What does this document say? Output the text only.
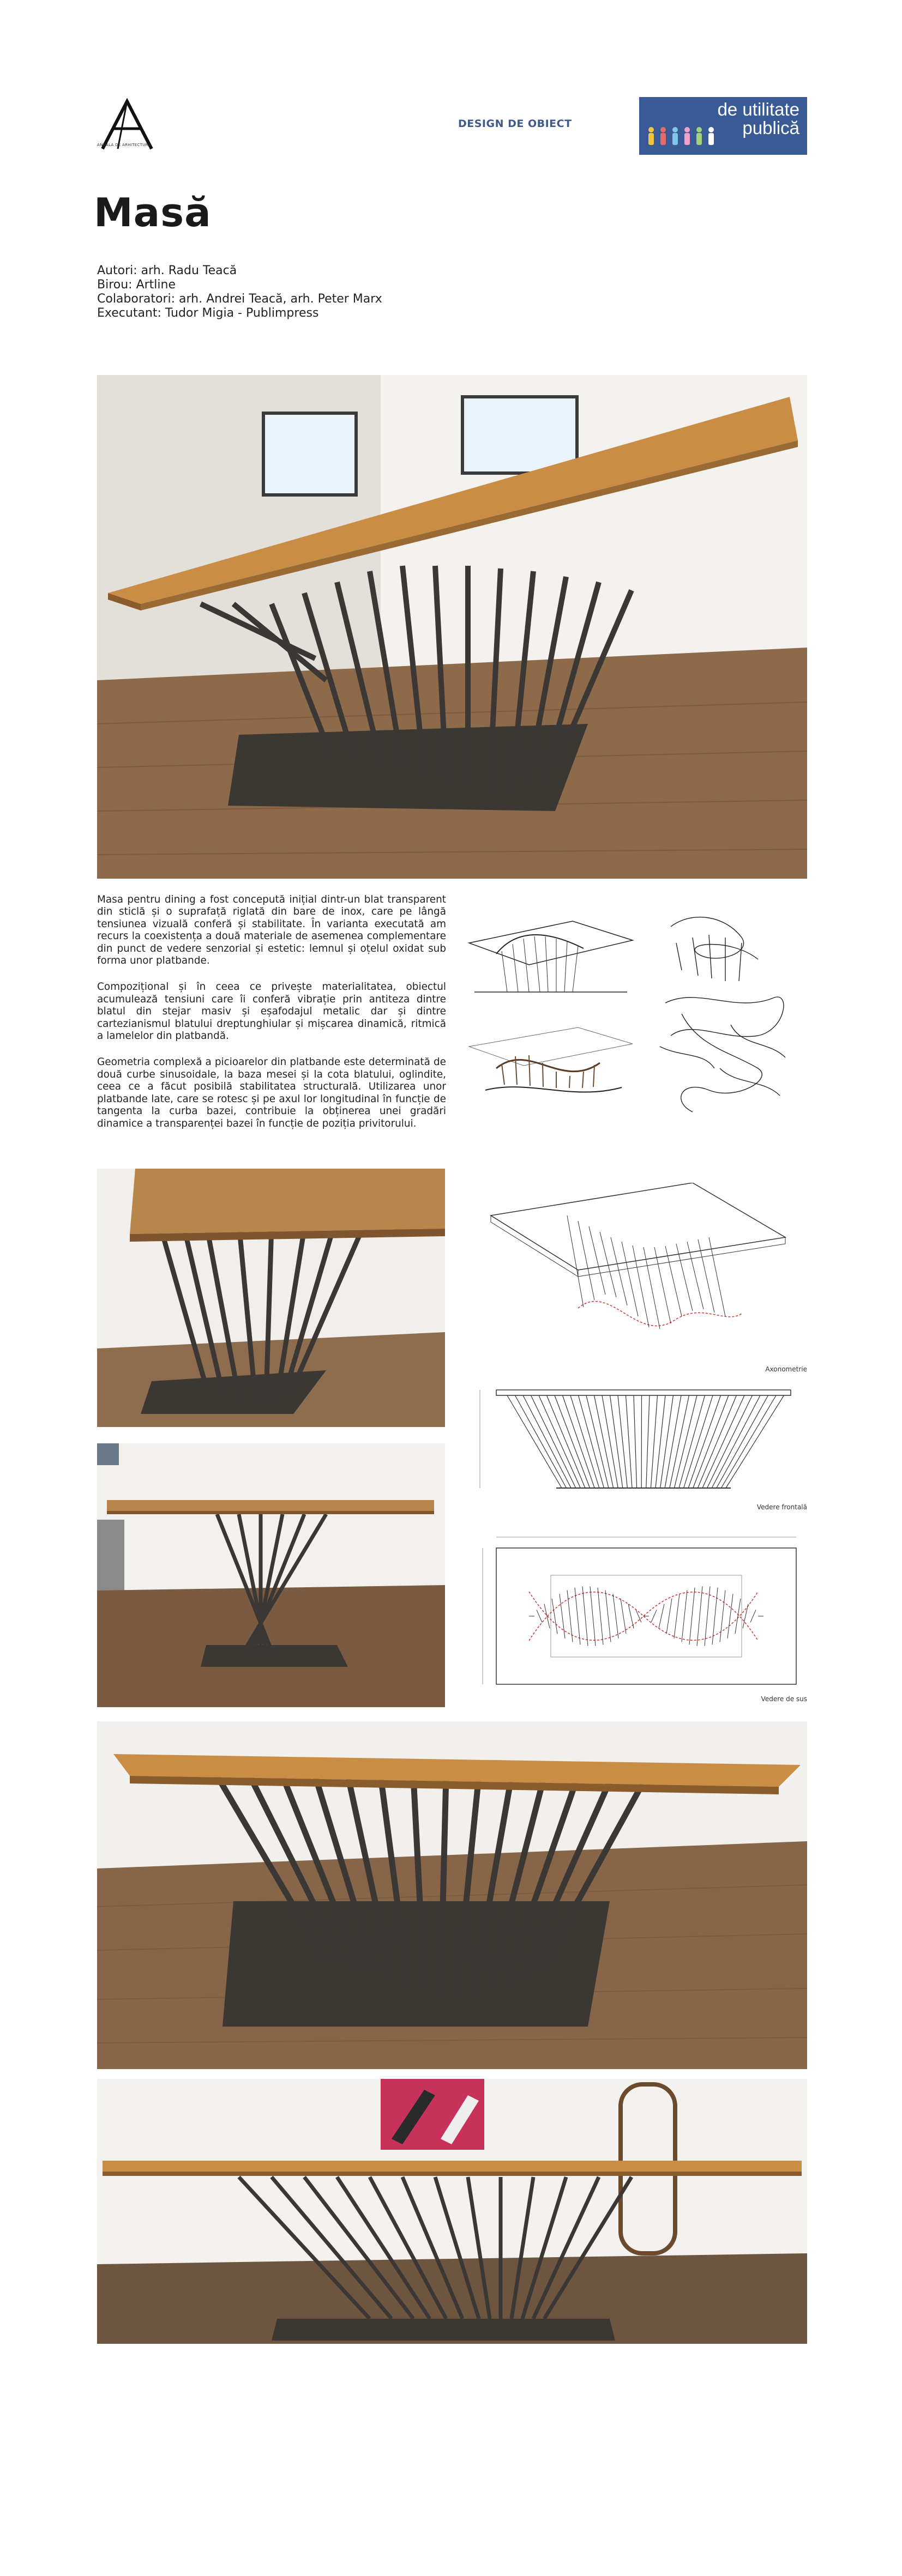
ANUALA DE ARHITECTURA
DESIGN DE OBIECT
de utilitate
publică
Masă
Autori: arh. Radu Teacă
Birou: Artline
Colaboratori: arh. Andrei Teacă, arh. Peter Marx
Executant: Tudor Migia - Publimpress

Masa pentru dining a fost concepută inițial dintr-un blat transparent din sticlă și o suprafață riglată din bare de inox, care pe lângă tensiunea vizuală conferă și stabilitate. În varianta executată am recurs la coexistența a două materiale de asemenea complementare din punct de vedere senzorial și estetic: lemnul și oțelul oxidat sub forma unor platbande.

Compozițional și în ceea ce privește materialitatea, obiectul acumulează tensiuni care îi conferă vibrație prin antiteza dintre blatul din stejar masiv și eșafodajul metalic dar și dintre cartezianismul blatului dreptunghiular și mișcarea dinamică, ritmică a lamelelor din platbandă.

Geometria complexă a picioarelor din platbande este determinată de două curbe sinusoidale, la baza mesei și la cota blatului, oglindite, ceea ce a făcut posibilă stabilitatea structurală. Utilizarea unor platbande late, care se rotesc și pe axul lor longitudinal în funcție de tangenta la curba bazei, contribuie la obținerea unei gradări dinamice a transparenței bazei în funcție de poziția privitorului.

Axonometrie
Vedere frontală
Vedere de sus
